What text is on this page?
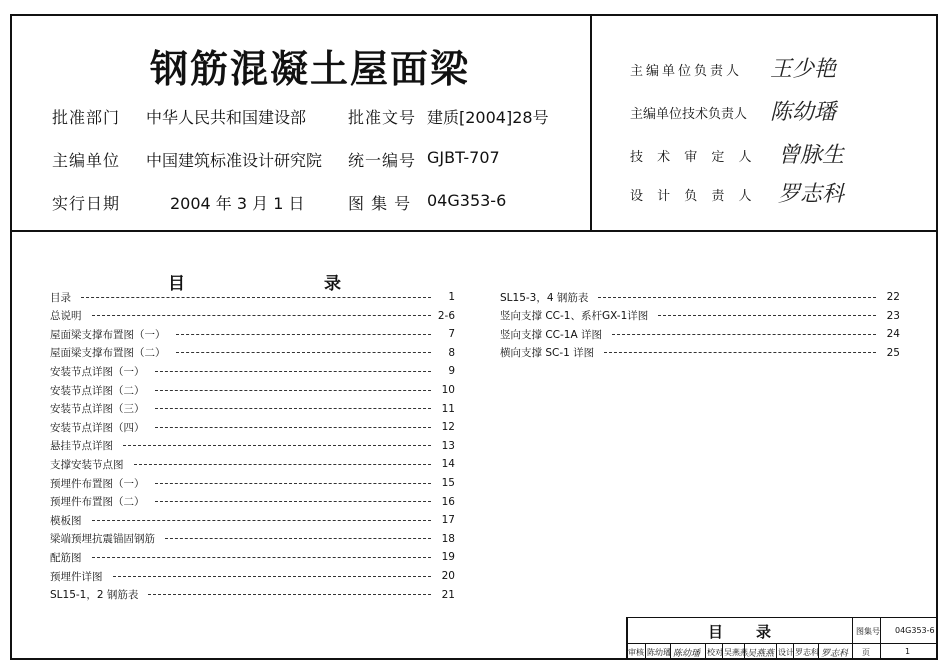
钢筋混凝土屋面梁
批准部门 中华人民共和国建设部	批准文号 建质[2004]28号
主编单位 中国建筑标准设计研究院 统一编号 GJBT-707
实行日期	2004 年 3 月 1 日	图 集 号 04G353-6
主编单位负责人 王少艳
主编单位技术负责人 陈幼璠
技 术 审 定 人 曾脉生
设 计 负 责 人 罗志科
目	录
目录	1
总说明	2-6
屋面梁支撑布置图（一）	7
屋面梁支撑布置图（二）	8
安装节点详图（一）	9
安装节点详图（二）	10
安装节点详图（三）	11
安装节点详图（四）	12
悬挂节点详图	13
支撑安装节点图	14
预埋件布置图（一）	15
预埋件布置图（二）	16
模板图	17
梁端预埋抗震锚固钢筋	18
配筋图	19
预埋件详图	20
SL15-1，2 钢筋表	21
SL15-3，4 钢筋表	22
竖向支撑 CC-1、系杆GX-1详图	23
竖向支撑 CC-1A 详图	24
横向支撑 SC-1 详图	25
目 录	图集号 04G353-6
审核 陈幼璠 陈幼璠 校对 吴燕燕 吴燕燕 设计 罗志科 罗志科 页	1
